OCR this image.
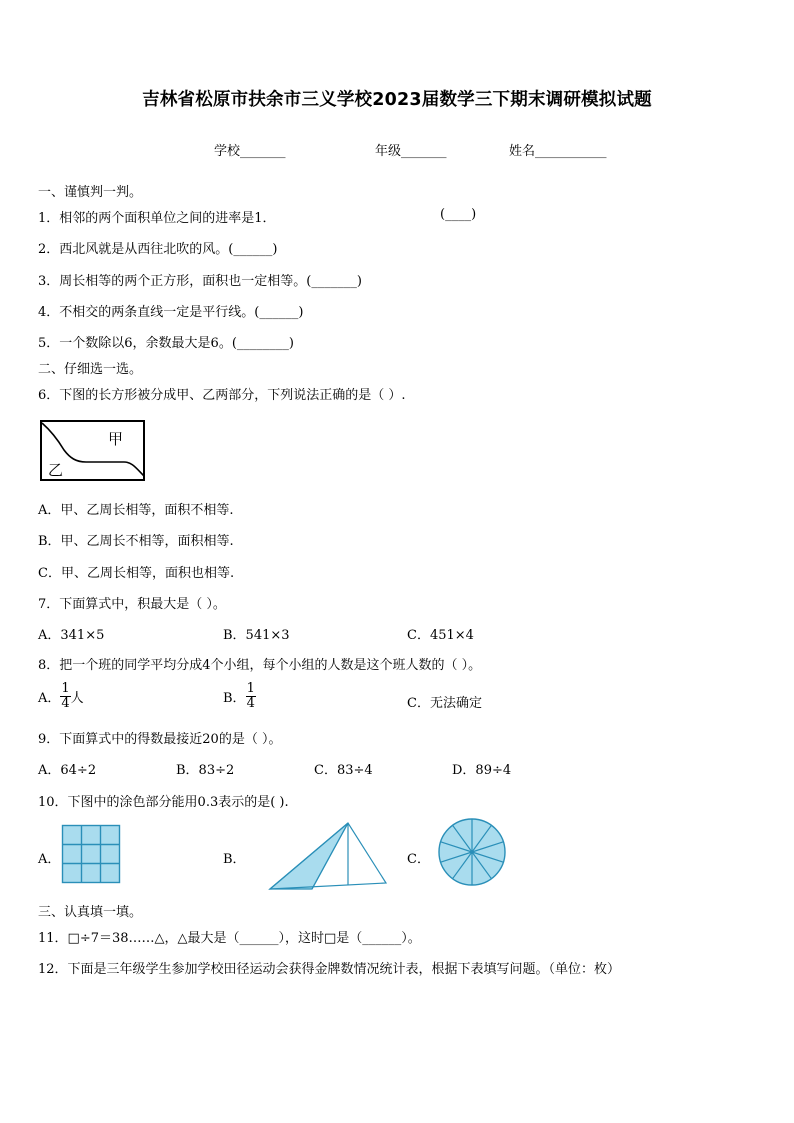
吉林省松原市扶余市三义学校2023届数学三下期末调研模拟试题
学校_______	年级_______	姓名___________
一、谨慎判一判。
1．相邻的两个面积单位之间的进率是1．	(____)
2．西北风就是从西往北吹的风。(______)
3．周长相等的两个正方形，面积也一定相等。(_______)
4．不相交的两条直线一定是平行线。(______)
5．一个数除以6，余数最大是6。(________)
二、仔细选一选。
6．下图的长方形被分成甲、乙两部分，下列说法正确的是（ ）.
甲
乙
A．甲、乙周长相等，面积不相等.
B．甲、乙周长不相等，面积相等.
C．甲、乙周长相等，面积也相等.
7．下面算式中，积最大是（ ）。
A．341×5	B．541×3	C．451×4
8．把一个班的同学平均分成4个小组，每个小组的人数是这个班人数的（ ）。
A． $\frac{1}{4}$ 人	B． $\frac{1}{4}$	C．无法确定
9．下面算式中的得数最接近20的是（ ）。
A．64÷2	B．83÷2	C．83÷4	D．89÷4
10．下图中的涂色部分能用0.3表示的是( ).
A．	B．	C．
三、认真填一填。
11．□÷7＝38……△，△最大是（______），这时□是（______）。
12．下面是三年级学生参加学校田径运动会获得金牌数情况统计表，根据下表填写问题。（单位：枚）
